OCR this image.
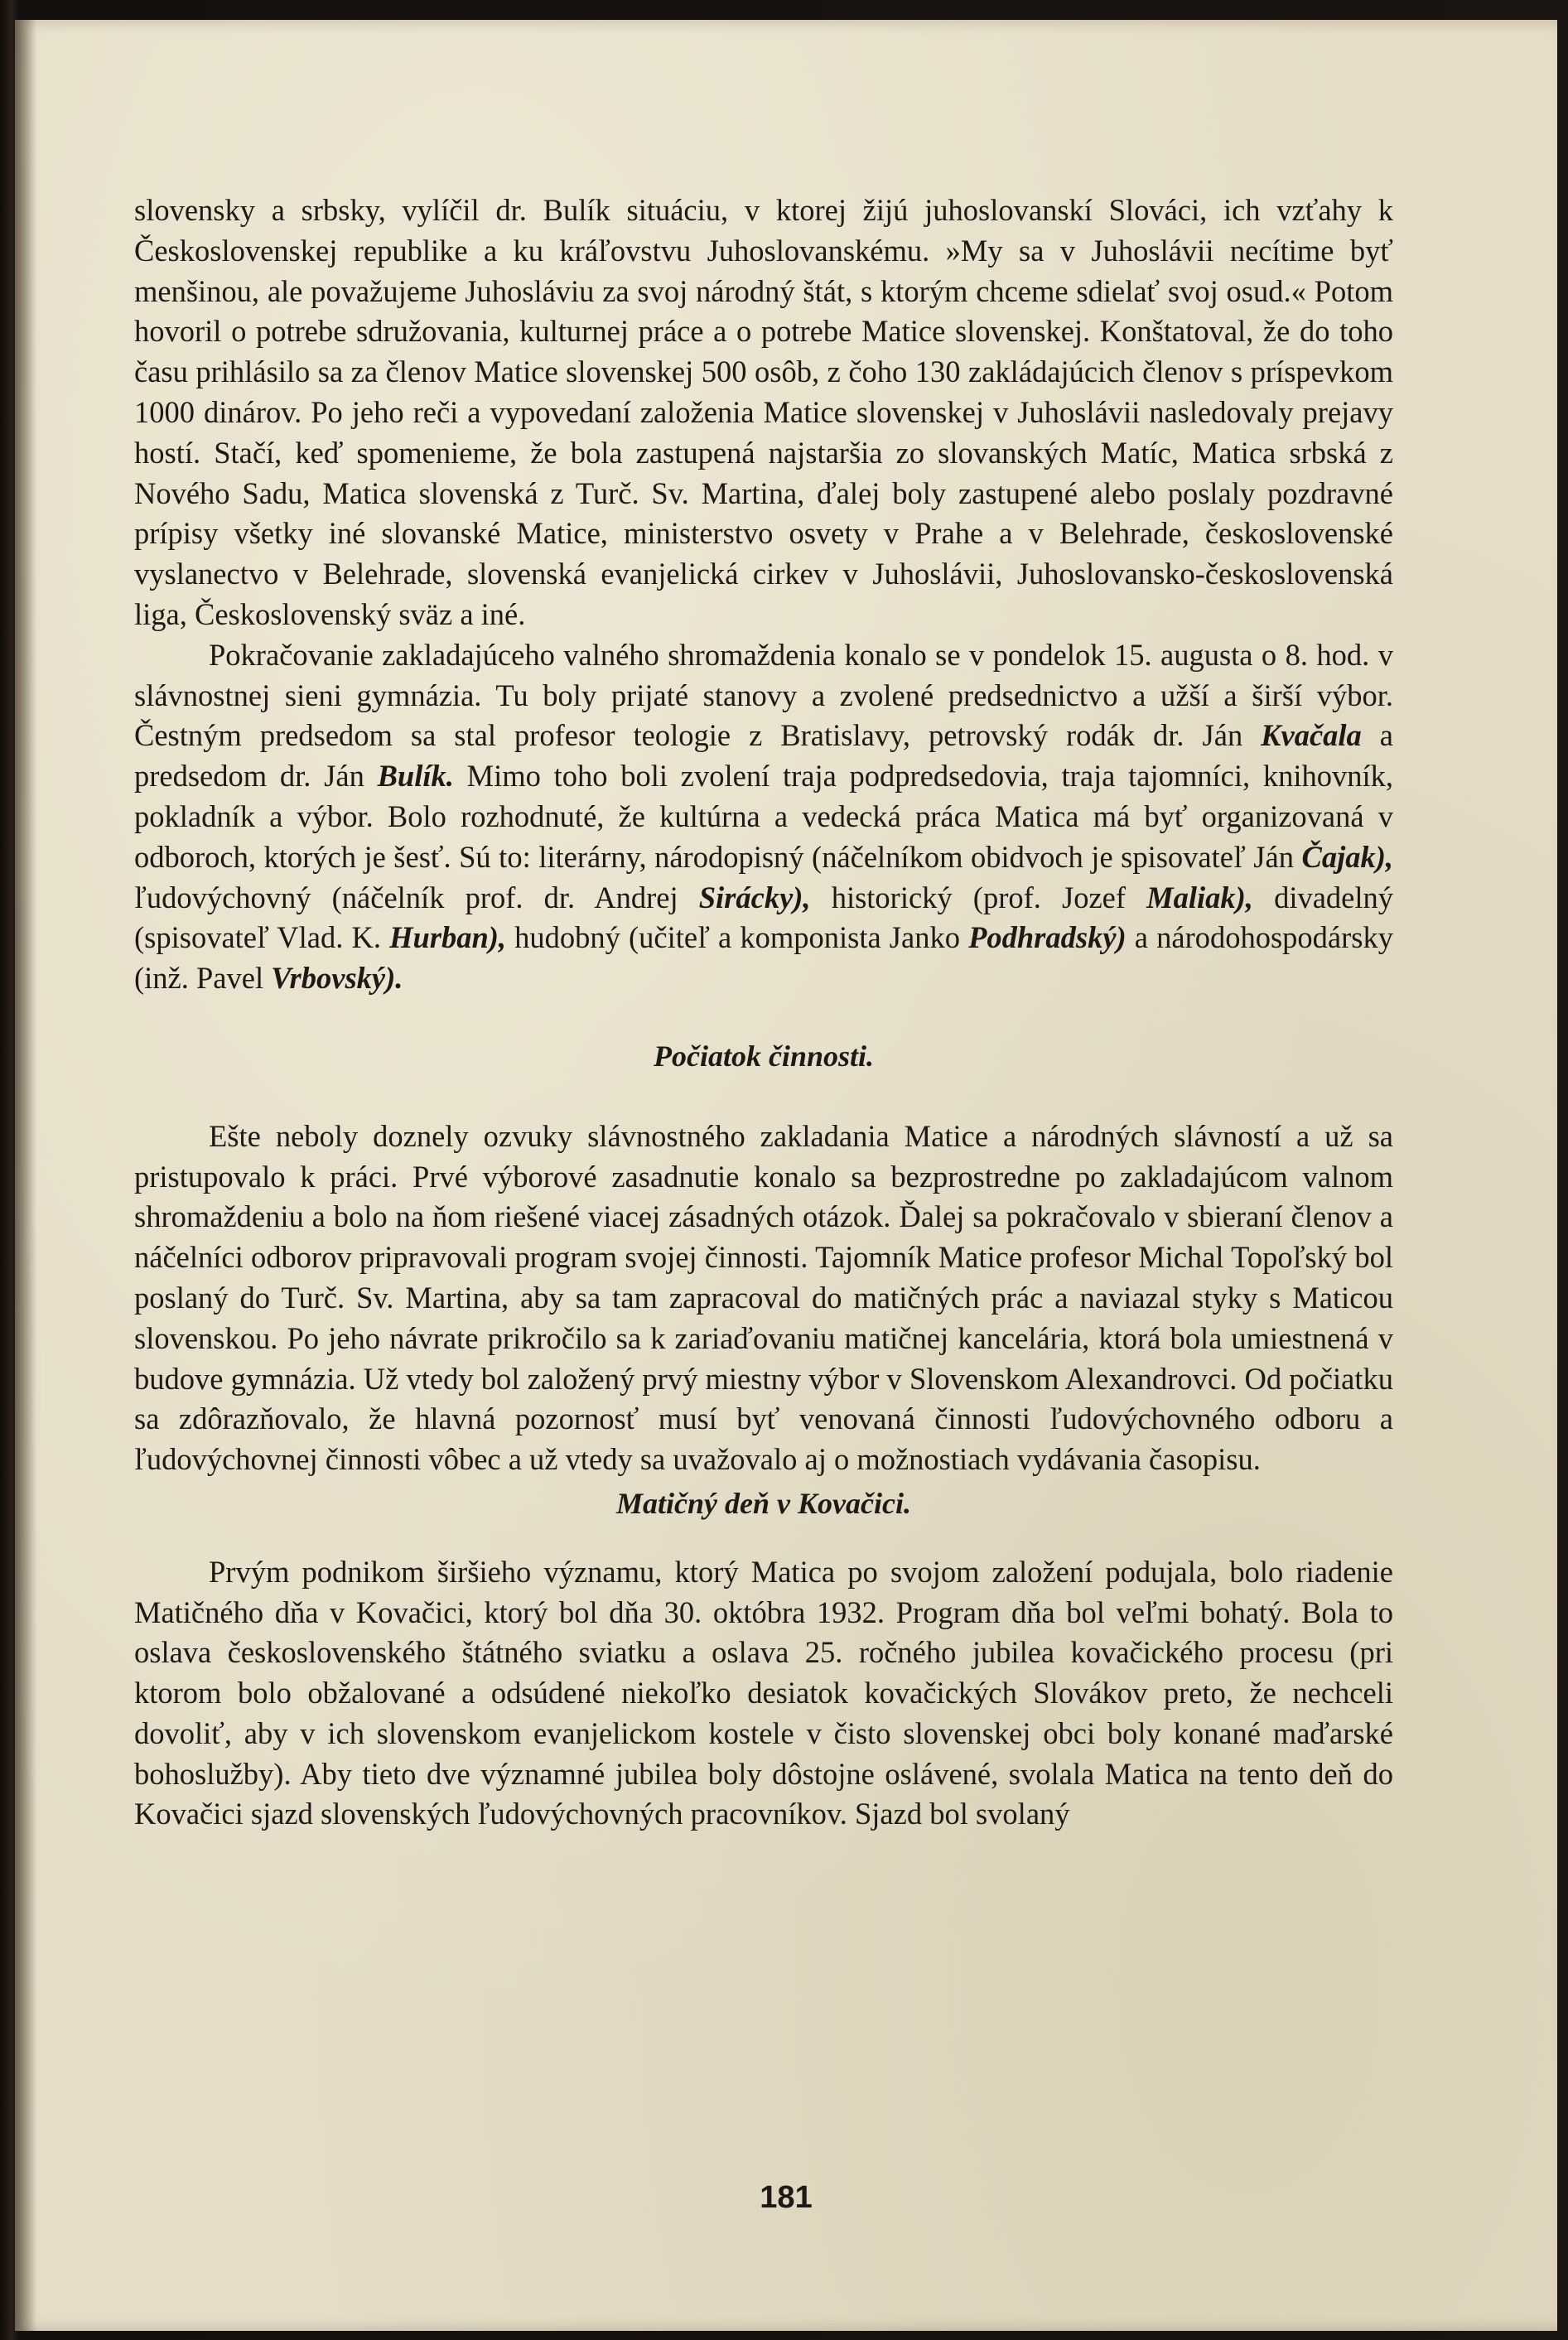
slovensky a srbsky, vylíčil dr. Bulík situáciu, v ktorej žijú juhoslovanskí Slováci, ich vzťahy k Československej republike a ku kráľovstvu Juhoslovanskému. »My sa v Juhoslávii necítime byť menšinou, ale považujeme Juhosláviu za svoj národný štát, s ktorým chceme sdielať svoj osud.« Potom hovoril o potrebe sdružovania, kulturnej práce a o potrebe Matice slovenskej. Konštatoval, že do toho času prihlásilo sa za členov Matice slovenskej 500 osôb, z čoho 130 zakládajúcich členov s príspevkom 1000 dinárov. Po jeho reči a vypovedaní založenia Matice slovenskej v Juhoslávii nasledovaly prejavy hostí. Stačí, keď spomenieme, že bola zastupená najstaršia zo slovanských Matíc, Matica srbská z Nového Sadu, Matica slovenská z Turč. Sv. Martina, ďalej boly zastupené alebo poslaly pozdravné prípisy všetky iné slovanské Matice, ministerstvo osvety v Prahe a v Belehrade, československé vyslanectvo v Belehrade, slovenská evanjelická cirkev v Juhoslávii, Juhoslovansko-československá liga, Československý sväz a iné.

Pokračovanie zakladajúceho valného shromaždenia konalo se v pondelok 15. augusta o 8. hod. v slávnostnej sieni gymnázia. Tu boly prijaté stanovy a zvolené predsednictvo a užší a širší výbor. Čestným predsedom sa stal profesor teologie z Bratislavy, petrovský rodák dr. Ján Kvačala a predsedom dr. Ján Bulík. Mimo toho boli zvolení traja podpredsedovia, traja tajomníci, knihovník, pokladník a výbor. Bolo rozhodnuté, že kultúrna a vedecká práca Matica má byť organizovaná v odboroch, ktorých je šesť. Sú to: literárny, národopisný (náčelníkom obidvoch je spisovateľ Ján Čajak), ľudovýchovný (náčelník prof. dr. Andrej Sirácky), historický (prof. Jozef Maliak), divadelný (spisovateľ Vlad. K. Hurban), hudobný (učiteľ a komponista Janko Podhradský) a národohospodársky (inž. Pavel Vrbovský).

Počiatok činnosti.

Ešte neboly doznely ozvuky slávnostného zakladania Matice a národných slávností a už sa pristupovalo k práci. Prvé výborové zasadnutie konalo sa bezprostredne po zakladajúcom valnom shromaždeniu a bolo na ňom riešené viacej zásadných otázok. Ďalej sa pokračovalo v sbieraní členov a náčelníci odborov pripravovali program svojej činnosti. Tajomník Matice profesor Michal Topoľský bol poslaný do Turč. Sv. Martina, aby sa tam zapracoval do matičných prác a naviazal styky s Maticou slovenskou. Po jeho návrate prikročilo sa k zariaďovaniu matičnej kancelária, ktorá bola umiestnená v budove gymnázia. Už vtedy bol založený prvý miestny výbor v Slovenskom Alexandrovci. Od počiatku sa zdôrazňovalo, že hlavná pozornosť musí byť venovaná činnosti ľudovýchovného odboru a ľudovýchovnej činnosti vôbec a už vtedy sa uvažovalo aj o možnostiach vydávania časopisu.

Matičný deň v Kovačici.

Prvým podnikom širšieho významu, ktorý Matica po svojom založení podujala, bolo riadenie Matičného dňa v Kovačici, ktorý bol dňa 30. októbra 1932. Program dňa bol veľmi bohatý. Bola to oslava československého štátného sviatku a oslava 25. ročného jubilea kovačického procesu (pri ktorom bolo obžalované a odsúdené niekoľko desiatok kovačických Slovákov preto, že nechceli dovoliť, aby v ich slovenskom evanjelickom kostele v čisto slovenskej obci boly konané maďarské bohoslužby). Aby tieto dve významné jubilea boly dôstojne oslávené, svolala Matica na tento deň do Kovačici sjazd slovenských ľudovýchovných pracovníkov. Sjazd bol svolaný

181
